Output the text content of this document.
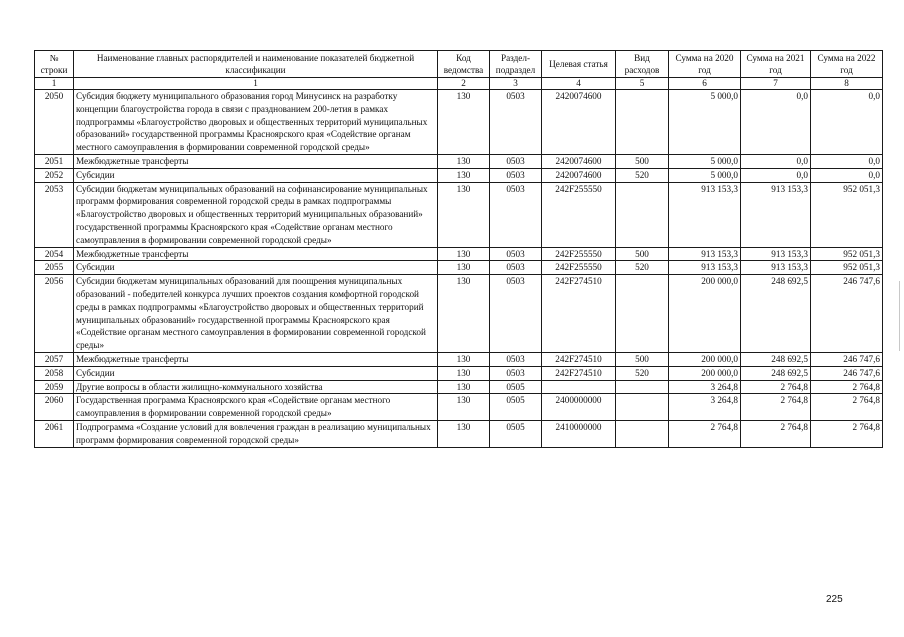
№ строки	Наименование главных распорядителей и наименование показателей бюджетной классификации	Код ведомства	Раздел-подраздел	Целевая статья	Вид расходов	Сумма на 2020 год	Сумма на 2021 год	Сумма на 2022 год
1	1	2	3	4	5	6	7	8
2050	Субсидия бюджету муниципального образования город Минусинск на разработку концепции благоустройства города в связи с празднованием 200-летия в рамках подпрограммы «Благоустройство дворовых и общественных территорий муниципальных образований» государственной программы Красноярского края «Содействие органам местного самоуправления в формировании современной городской среды»	130	0503	2420074600		5 000,0	0,0	0,0
2051	Межбюджетные трансферты	130	0503	2420074600	500	5 000,0	0,0	0,0
2052	Субсидии	130	0503	2420074600	520	5 000,0	0,0	0,0
2053	Субсидии бюджетам муниципальных образований на софинансирование муниципальных программ формирования современной городской среды в рамках подпрограммы «Благоустройство дворовых и общественных территорий муниципальных образований» государственной программы Красноярского края «Содействие органам местного самоуправления в формировании современной городской среды»	130	0503	242F255550		913 153,3	913 153,3	952 051,3
2054	Межбюджетные трансферты	130	0503	242F255550	500	913 153,3	913 153,3	952 051,3
2055	Субсидии	130	0503	242F255550	520	913 153,3	913 153,3	952 051,3
2056	Субсидии бюджетам муниципальных образований для поощрения муниципальных образований - победителей конкурса лучших проектов создания комфортной городской среды в рамках подпрограммы «Благоустройство дворовых и общественных территорий муниципальных образований» государственной программы Красноярского края «Содействие органам местного самоуправления в формировании современной городской среды»	130	0503	242F274510		200 000,0	248 692,5	246 747,6
2057	Межбюджетные трансферты	130	0503	242F274510	500	200 000,0	248 692,5	246 747,6
2058	Субсидии	130	0503	242F274510	520	200 000,0	248 692,5	246 747,6
2059	Другие вопросы в области жилищно-коммунального хозяйства	130	0505			3 264,8	2 764,8	2 764,8
2060	Государственная программа Красноярского края «Содействие органам местного самоуправления в формировании современной городской среды»	130	0505	2400000000		3 264,8	2 764,8	2 764,8
2061	Подпрограмма «Создание условий для вовлечения граждан в реализацию муниципальных программ формирования современной городской среды»	130	0505	2410000000		2 764,8	2 764,8	2 764,8
225
